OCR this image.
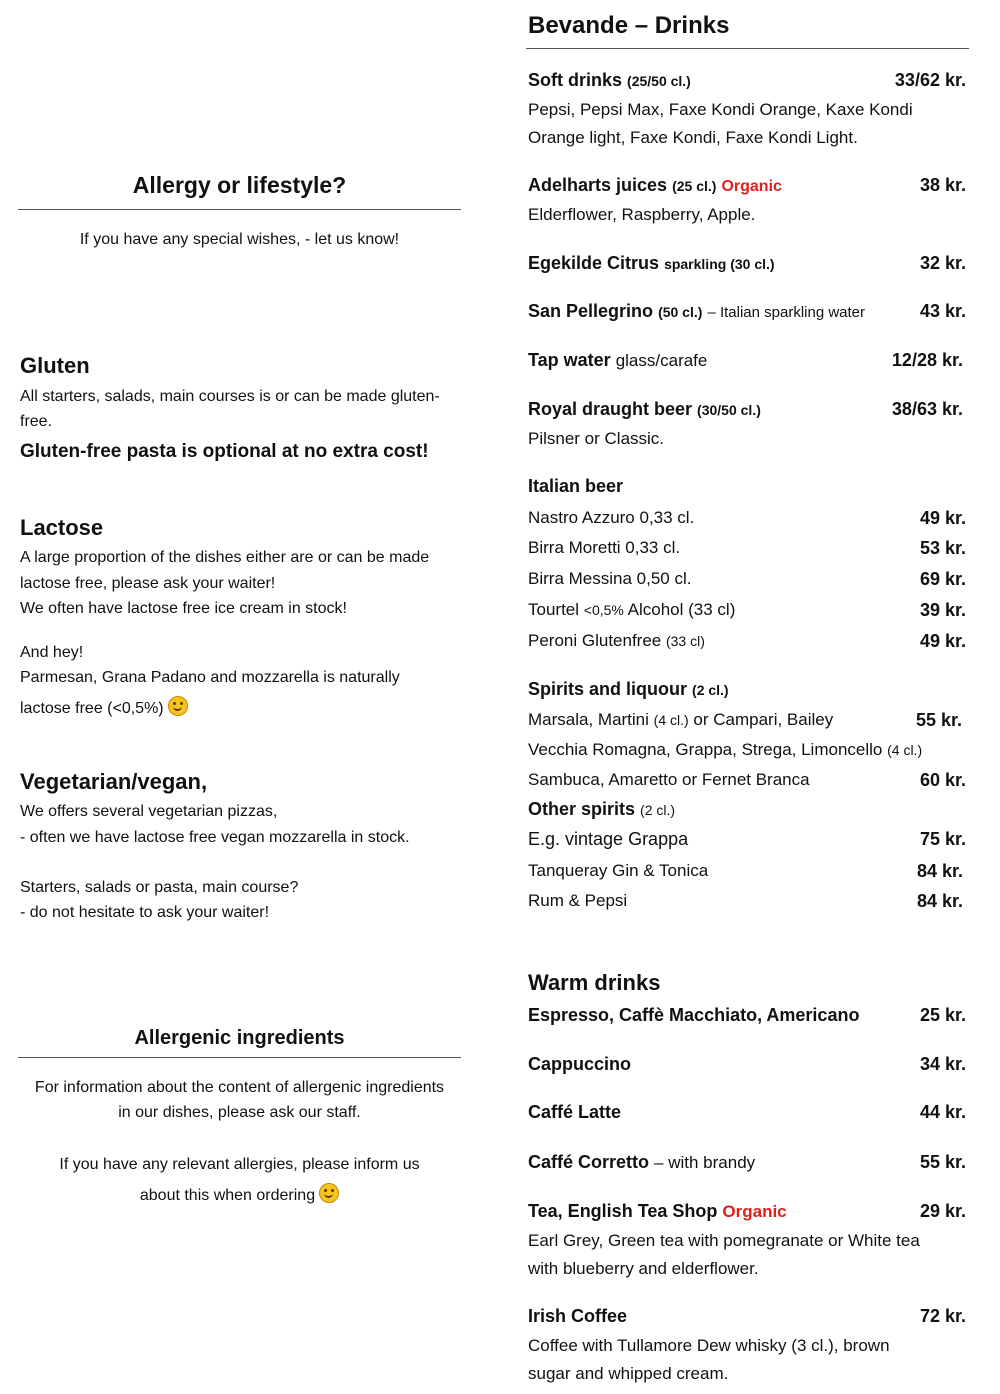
Allergy or lifestyle?
If you have any special wishes, - let us know!
Gluten
All starters, salads, main courses is or can be made gluten-
free.
Gluten-free pasta is optional at no extra cost!
Lactose
A large proportion of the dishes either are or can be made
lactose free, please ask your waiter!
We often have lactose free ice cream in stock!
And hey!
Parmesan, Grana Padano and mozzarella is naturally
lactose free (<0,5%)
Vegetarian/vegan,
We offers several vegetarian pizzas,
- often we have lactose free vegan mozzarella in stock.
Starters, salads or pasta, main course?
- do not hesitate to ask your waiter!
Allergenic ingredients
For information about the content of allergenic ingredients
in our dishes, please ask our staff.
If you have any relevant allergies, please inform us
about this when ordering
Bevande – Drinks
Soft drinks (25/50 cl.)	33/62 kr.
Pepsi, Pepsi Max, Faxe Kondi Orange, Kaxe Kondi
Orange light, Faxe Kondi, Faxe Kondi Light.
Adelharts juices (25 cl.) Organic	38 kr.
Elderflower, Raspberry, Apple.
Egekilde Citrus sparkling (30 cl.)	32 kr.
San Pellegrino (50 cl.) – Italian sparkling water	43 kr.
Tap water glass/carafe	12/28 kr.
Royal draught beer (30/50 cl.)	38/63 kr.
Pilsner or Classic.
Italian beer
Nastro Azzuro 0,33 cl.	49 kr.
Birra Moretti 0,33 cl.	53 kr.
Birra Messina 0,50 cl.	69 kr.
Tourtel <0,5% Alcohol (33 cl)	39 kr.
Peroni Glutenfree (33 cl)	49 kr.
Spirits and liquour (2 cl.)
Marsala, Martini (4 cl.) or Campari, Bailey	55 kr.
Vecchia Romagna, Grappa, Strega, Limoncello (4 cl.)
Sambuca, Amaretto or Fernet Branca	60 kr.
Other spirits (2 cl.)
E.g. vintage Grappa	75 kr.
Tanqueray Gin & Tonica	84 kr.
Rum & Pepsi	84 kr.
Warm drinks
Espresso, Caffè Macchiato, Americano	25 kr.
Cappuccino	34 kr.
Caffé Latte	44 kr.
Caffé Corretto – with brandy	55 kr.
Tea, English Tea Shop Organic	29 kr.
Earl Grey, Green tea with pomegranate or White tea
with blueberry and elderflower.
Irish Coffee	72 kr.
Coffee with Tullamore Dew whisky (3 cl.), brown
sugar and whipped cream.
